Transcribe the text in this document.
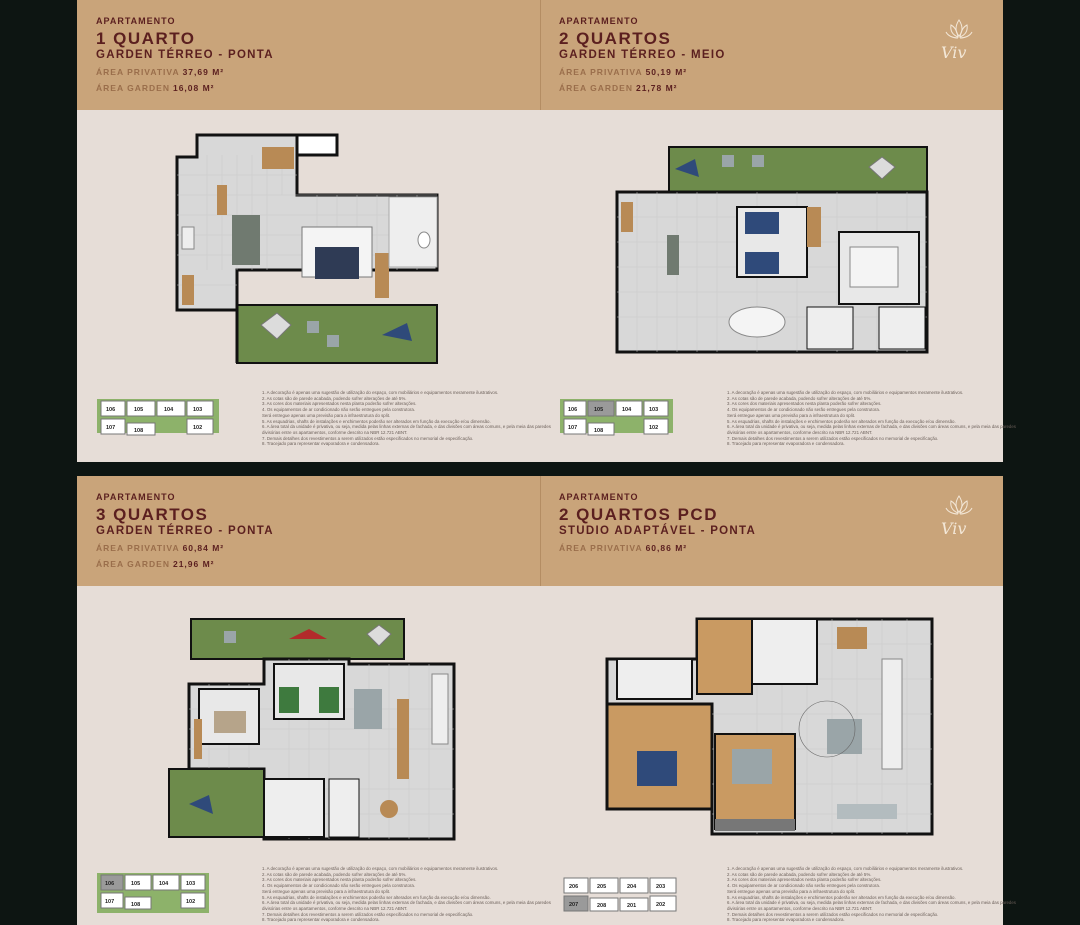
APARTAMENTO
1 QUARTO
GARDEN TÉRREO - PONTA
ÁREA PRIVATIVA 37,69 M²
ÁREA GARDEN 16,08 M²
APARTAMENTO
2 QUARTOS
GARDEN TÉRREO - MEIO
ÁREA PRIVATIVA 50,19 M²
ÁREA GARDEN 21,78 M²
Viv
106	105	104	103
107	108	102
1. A decoração é apenas uma sugestão de utilização do espaço, com mobiliários e equipamentos meramente ilustrativos.
2. As cotas são de parede acabada, podendo sofrer alterações de até 5%.
3. As cores dos materiais apresentados nesta planta poderão sofrer alterações.
4. Os equipamentos de ar condicionado não serão entregues pela construtora.
Será entregue apenas uma previsão para a infraestrutura do split.
5. As esquadrias, shafts de instalações e enchimentos poderão ser alterados em função da execução e/ou dimensão.
6. A área total da unidade é privativa, ou seja, medida pelas linhas externas de fachada, e das divisões com áreas comuns, e pela meia das paredes
divisórias entre os apartamentos, conforme descrito na NBR 12.721 ABNT.
7. Demais detalhes dos revestimentos a serem utilizados estão especificados no memorial de especificação.
8. Tracejado para representar evaporadora e condensadora.
106	105	104	103
107	108	102
1. A decoração é apenas uma sugestão de utilização do espaço, com mobiliários e equipamentos meramente ilustrativos.
2. As cotas são de parede acabada, podendo sofrer alterações de até 5%.
3. As cores dos materiais apresentados nesta planta poderão sofrer alterações.
4. Os equipamentos de ar condicionado não serão entregues pela construtora.
Será entregue apenas uma previsão para a infraestrutura do split.
5. As esquadrias, shafts de instalações e enchimentos poderão ser alterados em função da execução e/ou dimensão.
6. A área total da unidade é privativa, ou seja, medida pelas linhas externas de fachada, e das divisões com áreas comuns, e pela meia das paredes
divisórias entre os apartamentos, conforme descrito na NBR 12.721 ABNT.
7. Demais detalhes dos revestimentos a serem utilizados estão especificados no memorial de especificação.
8. Tracejado para representar evaporadora e condensadora.
APARTAMENTO
3 QUARTOS
GARDEN TÉRREO - PONTA
ÁREA PRIVATIVA 60,84 M²
ÁREA GARDEN 21,96 M²
APARTAMENTO
2 QUARTOS PCD
STUDIO ADAPTÁVEL - PONTA
ÁREA PRIVATIVA 60,86 M²
Viv
106	105	104	103
107	108	102
1. A decoração é apenas uma sugestão de utilização do espaço, com mobiliários e equipamentos meramente ilustrativos.
2. As cotas são de parede acabada, podendo sofrer alterações de até 5%.
3. As cores dos materiais apresentados nesta planta poderão sofrer alterações.
4. Os equipamentos de ar condicionado não serão entregues pela construtora.
Será entregue apenas uma previsão para a infraestrutura do split.
5. As esquadrias, shafts de instalações e enchimentos poderão ser alterados em função da execução e/ou dimensão.
6. A área total da unidade é privativa, ou seja, medida pelas linhas externas de fachada, e das divisões com áreas comuns, e pela meia das paredes
divisórias entre os apartamentos, conforme descrito na NBR 12.721 ABNT.
7. Demais detalhes dos revestimentos a serem utilizados estão especificados no memorial de especificação.
8. Tracejado para representar evaporadora e condensadora.
206	205	204	203
207	208	201	202
1. A decoração é apenas uma sugestão de utilização do espaço, com mobiliários e equipamentos meramente ilustrativos.
2. As cotas são de parede acabada, podendo sofrer alterações de até 5%.
3. As cores dos materiais apresentados nesta planta poderão sofrer alterações.
4. Os equipamentos de ar condicionado não serão entregues pela construtora.
Será entregue apenas uma previsão para a infraestrutura do split.
5. As esquadrias, shafts de instalações e enchimentos poderão ser alterados em função da execução e/ou dimensão.
6. A área total da unidade é privativa, ou seja, medida pelas linhas externas de fachada, e das divisões com áreas comuns, e pela meia das paredes
divisórias entre os apartamentos, conforme descrito na NBR 12.721 ABNT.
7. Demais detalhes dos revestimentos a serem utilizados estão especificados no memorial de especificação.
8. Tracejado para representar evaporadora e condensadora.
